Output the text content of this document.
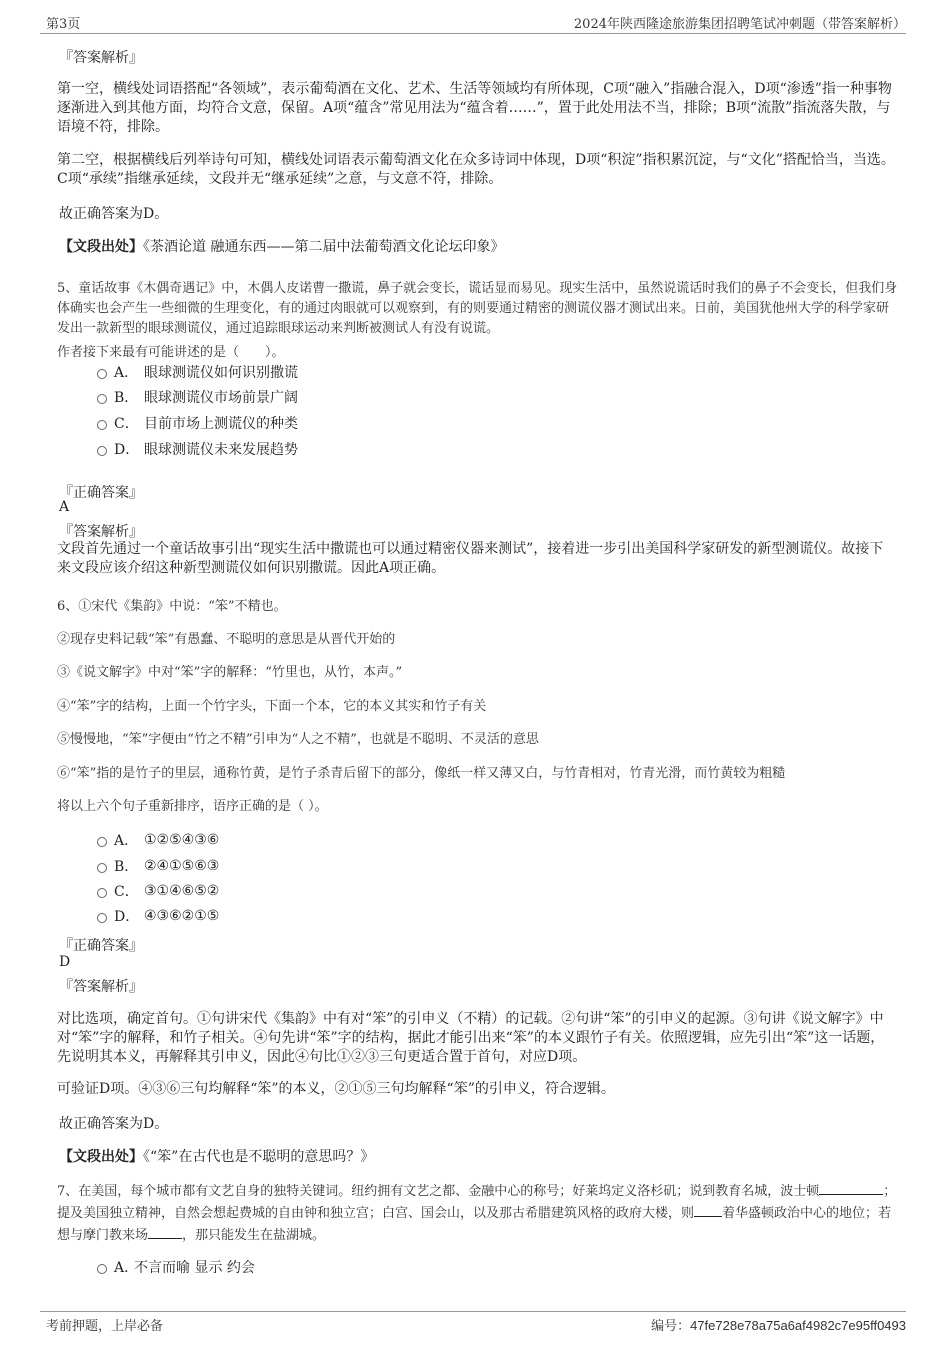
第3页	2024年陕西隆途旅游集团招聘笔试冲刺题（带答案解析）
『答案解析』
第一空，横线处词语搭配“各领域”，表示葡萄酒在文化、艺术、生活等领域均有所体现，C项“融入”指融合混入，D项“渗透”指一种事物逐渐进入到其他方面，均符合文意，保留。A项“蕴含”常见用法为“蕴含着……”，置于此处用法不当，排除；B项“流散”指流落失散，与语境不符，排除。
第二空，根据横线后列举诗句可知，横线处词语表示葡萄酒文化在众多诗词中体现，D项“积淀”指积累沉淀，与“文化”搭配恰当，当选。C项“承续”指继承延续，文段并无“继承延续”之意，与文意不符，排除。
故正确答案为D。
【文段出处】《茶酒论道 融通东西——第二届中法葡萄酒文化论坛印象》
5、童话故事《木偶奇遇记》中，木偶人皮诺曹一撒谎，鼻子就会变长，谎话显而易见。现实生活中，虽然说谎话时我们的鼻子不会变长，但我们身体确实也会产生一些细微的生理变化，有的通过肉眼就可以观察到，有的则要通过精密的测谎仪器才测试出来。日前，美国犹他州大学的科学家研发出一款新型的眼球测谎仪，通过追踪眼球运动来判断被测试人有没有说谎。
作者接下来最有可能讲述的是（　　）。
A． 眼球测谎仪如何识别撒谎
B． 眼球测谎仪市场前景广阔
C． 目前市场上测谎仪的种类
D． 眼球测谎仪未来发展趋势
『正确答案』
A
『答案解析』
文段首先通过一个童话故事引出“现实生活中撒谎也可以通过精密仪器来测试”，接着进一步引出美国科学家研发的新型测谎仪。故接下来文段应该介绍这种新型测谎仪如何识别撒谎。因此A项正确。
6、①宋代《集韵》中说：“笨”不精也。
②现存史料记载“笨”有愚蠢、不聪明的意思是从晋代开始的
③《说文解字》中对“笨”字的解释：“竹里也，从竹，本声。”
④“笨”字的结构，上面一个竹字头，下面一个本，它的本义其实和竹子有关
⑤慢慢地，“笨”字便由“竹之不精”引申为“人之不精”，也就是不聪明、不灵活的意思
⑥“笨”指的是竹子的里层，通称竹黄，是竹子杀青后留下的部分，像纸一样又薄又白，与竹青相对，竹青光滑，而竹黄较为粗糙
将以上六个句子重新排序，语序正确的是（ ）。
A． ①②⑤④③⑥
B． ②④①⑤⑥③
C． ③①④⑥⑤②
D． ④③⑥②①⑤
『正确答案』
D
『答案解析』
对比选项，确定首句。①句讲宋代《集韵》中有对“笨”的引申义（不精）的记载。②句讲“笨”的引申义的起源。③句讲《说文解字》中对“笨”字的解释，和竹子相关。④句先讲“笨”字的结构，据此才能引出来“笨”的本义跟竹子有关。依照逻辑，应先引出“笨”这一话题，先说明其本义，再解释其引申义，因此④句比①②③三句更适合置于首句，对应D项。
可验证D项。④③⑥三句均解释“笨”的本义，②①⑤三句均解释“笨”的引申义，符合逻辑。
故正确答案为D。
【文段出处】《“笨”在古代也是不聪明的意思吗？》
7、在美国，每个城市都有文艺自身的独特关键词。纽约拥有文艺之都、金融中心的称号；好莱坞定义洛杉矶；说到教育名城，波士顿	；提及美国独立精神，自然会想起费城的自由钟和独立宫；白宫、国会山，以及那古希腊建筑风格的政府大楼，则 着华盛顿政治中心的地位；若想与摩门教来场	，那只能发生在盐湖城。
A．
不言而喻 显示 约会
考前押题，上岸必备	编号：47fe728e78a75a6af4982c7e95ff0493
